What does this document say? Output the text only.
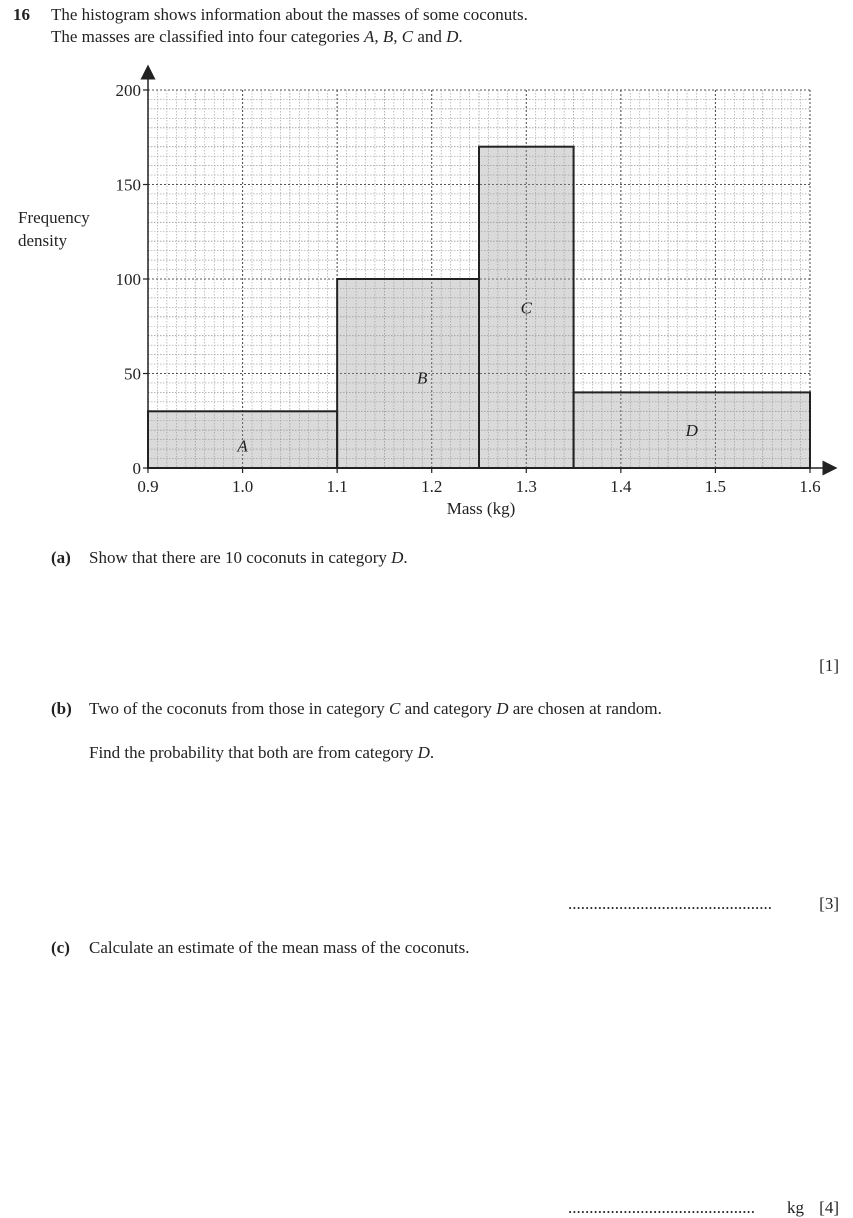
16 The histogram shows information about the masses of some coconuts.
The masses are classified into four categories A, B, C and D.
A
B
C
D
0.9	1.0	1.1	1.2	1.3	1.4	1.5	1.6
0
50
100
150
200
Frequency
density
Mass (kg)
(a) Show that there are 10 coconuts in category D.
[1]
(b) Two of the coconuts from those in category C and category D are chosen at random.
Find the probability that both are from category D.
................................................	[3]
(c) Calculate an estimate of the mean mass of the coconuts.
............................................ kg [4]
